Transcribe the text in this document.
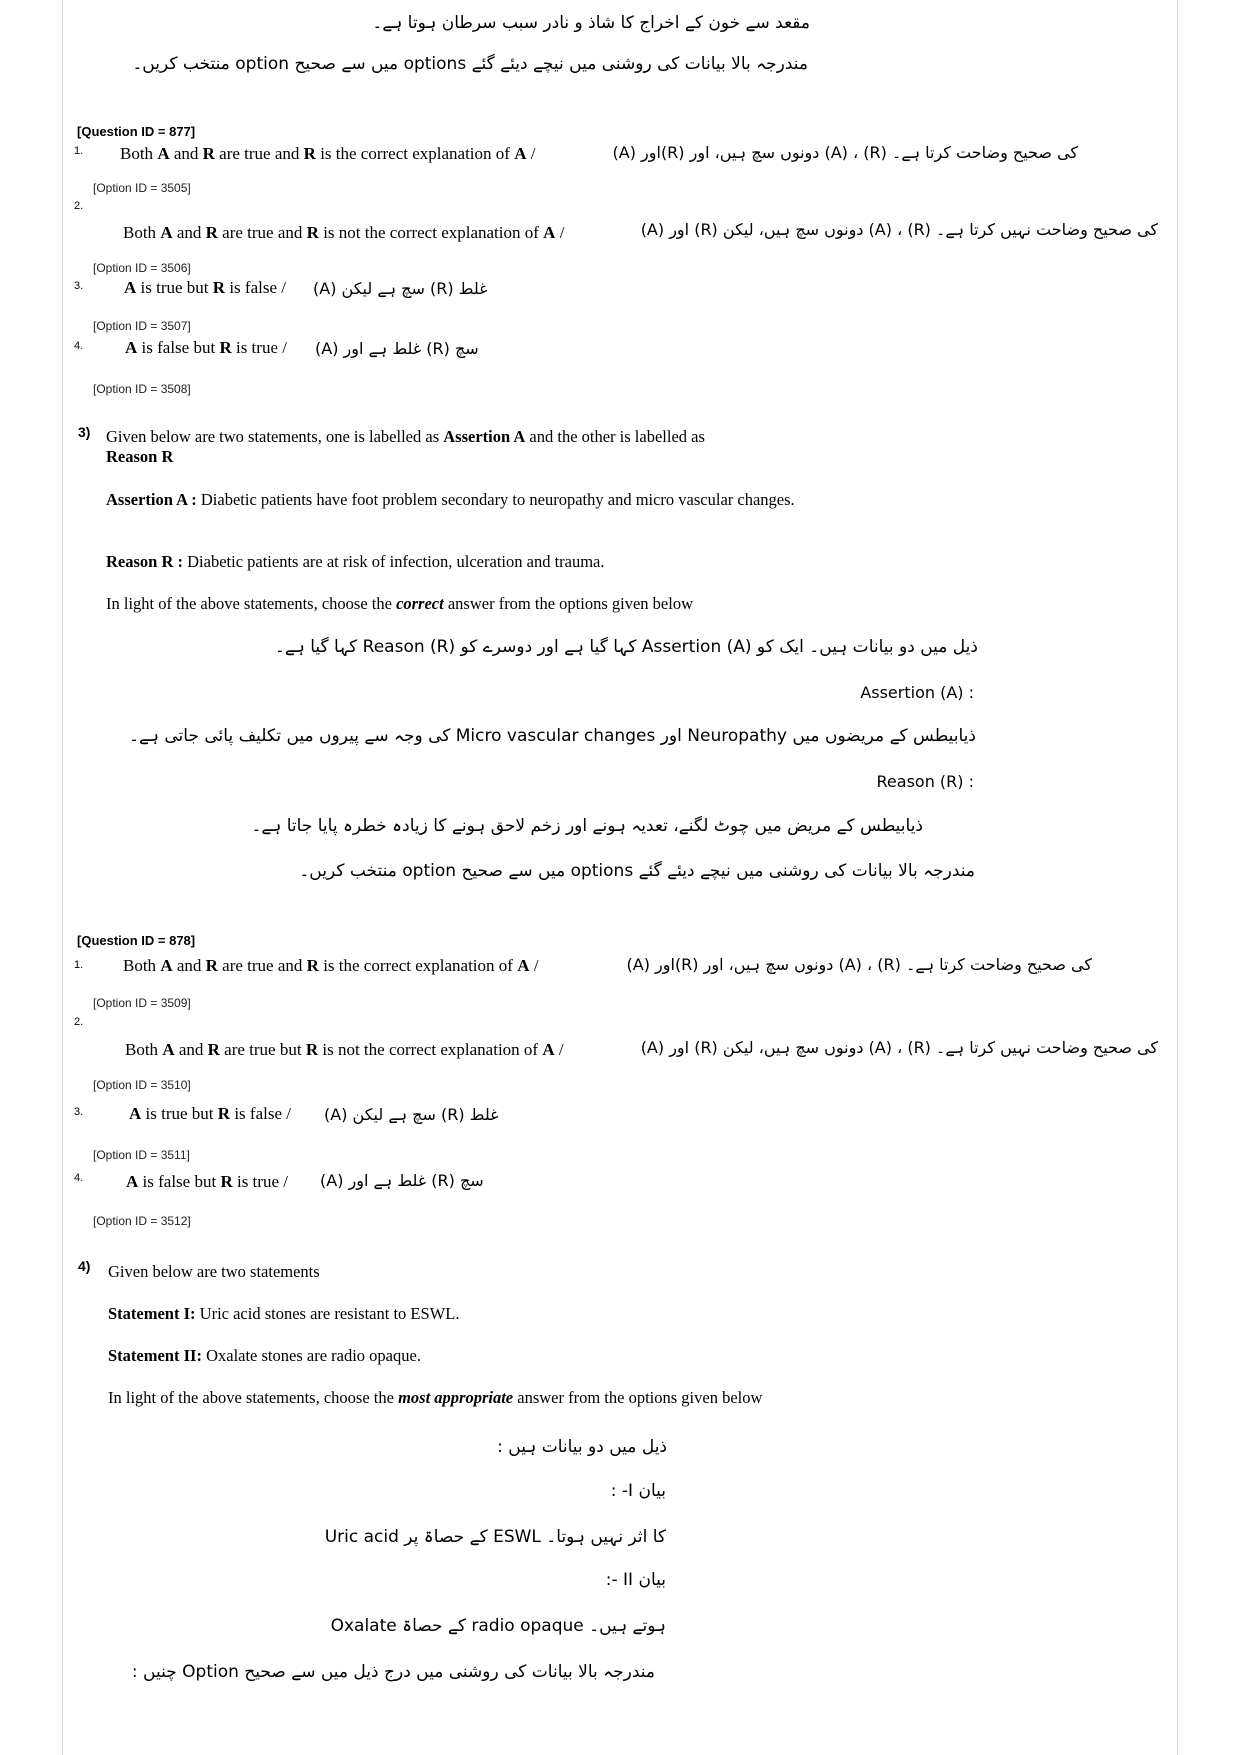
مقعد سے خون کے اخراج کا شاذ و نادر سبب سرطان ہوتا ہے۔
مندرجہ بالا بیانات کی روشنی میں نیچے دیئے گئے options میں سے صحیح option منتخب کریں۔
[Question ID = 877]
1. Both A and R are true and R is the correct explanation of A /	(A) اور(R) دونوں سچ ہیں، اور (A) ، (R) کی صحیح وضاحت کرتا ہے۔
[Option ID = 3505]
2.
Both A and R are true and R is not the correct explanation of A /	(A) اور (R) دونوں سچ ہیں، لیکن (A) ، (R) کی صحیح وضاحت نہیں کرتا ہے۔
[Option ID = 3506]
3. A is true but R is false / (A) سچ ہے لیکن (R) غلط
[Option ID = 3507]
4. A is false but R is true / (A) غلط ہے اور (R) سچ
[Option ID = 3508]
3) Given below are two statements, one is labelled as Assertion A and the other is labelled as
Reason R
Assertion A : Diabetic patients have foot problem secondary to neuropathy and micro vascular changes.
Reason R : Diabetic patients are at risk of infection, ulceration and trauma.
In light of the above statements, choose the correct answer from the options given below
ذیل میں دو بیانات ہیں۔ ایک کو Assertion (A) کہا گیا ہے اور دوسرے کو Reason (R) کہا گیا ہے۔
Assertion (A) :
ذیابیطس کے مریضوں میں Neuropathy اور Micro vascular changes کی وجہ سے پیروں میں تکلیف پائی جاتی ہے۔
Reason (R) :
ذیابیطس کے مریض میں چوٹ لگنے، تعدیہ ہونے اور زخم لاحق ہونے کا زیادہ خطرہ پایا جاتا ہے۔
مندرجہ بالا بیانات کی روشنی میں نیچے دیئے گئے options میں سے صحیح option منتخب کریں۔
[Question ID = 878]
1. Both A and R are true and R is the correct explanation of A /	(A) اور(R) دونوں سچ ہیں، اور (A) ، (R) کی صحیح وضاحت کرتا ہے۔
[Option ID = 3509]
2.
Both A and R are true but R is not the correct explanation of A /	(A) اور (R) دونوں سچ ہیں، لیکن (A) ، (R) کی صحیح وضاحت نہیں کرتا ہے۔
[Option ID = 3510]
3.	A is true but R is false / (A) سچ ہے لیکن (R) غلط
[Option ID = 3511]
4.	A is false but R is true / (A) غلط ہے اور (R) سچ
[Option ID = 3512]
4) Given below are two statements
Statement I: Uric acid stones are resistant to ESWL.
Statement II: Oxalate stones are radio opaque.
In light of the above statements, choose the most appropriate answer from the options given below
ذیل میں دو بیانات ہیں :
بیان I- :
Uric acid کے حصاۃ پر ESWL کا اثر نہیں ہوتا۔
بیان II -:
Oxalate کے حصاۃ radio opaque ہوتے ہیں۔
مندرجہ بالا بیانات کی روشنی میں درج ذیل میں سے صحیح Option چنیں :
